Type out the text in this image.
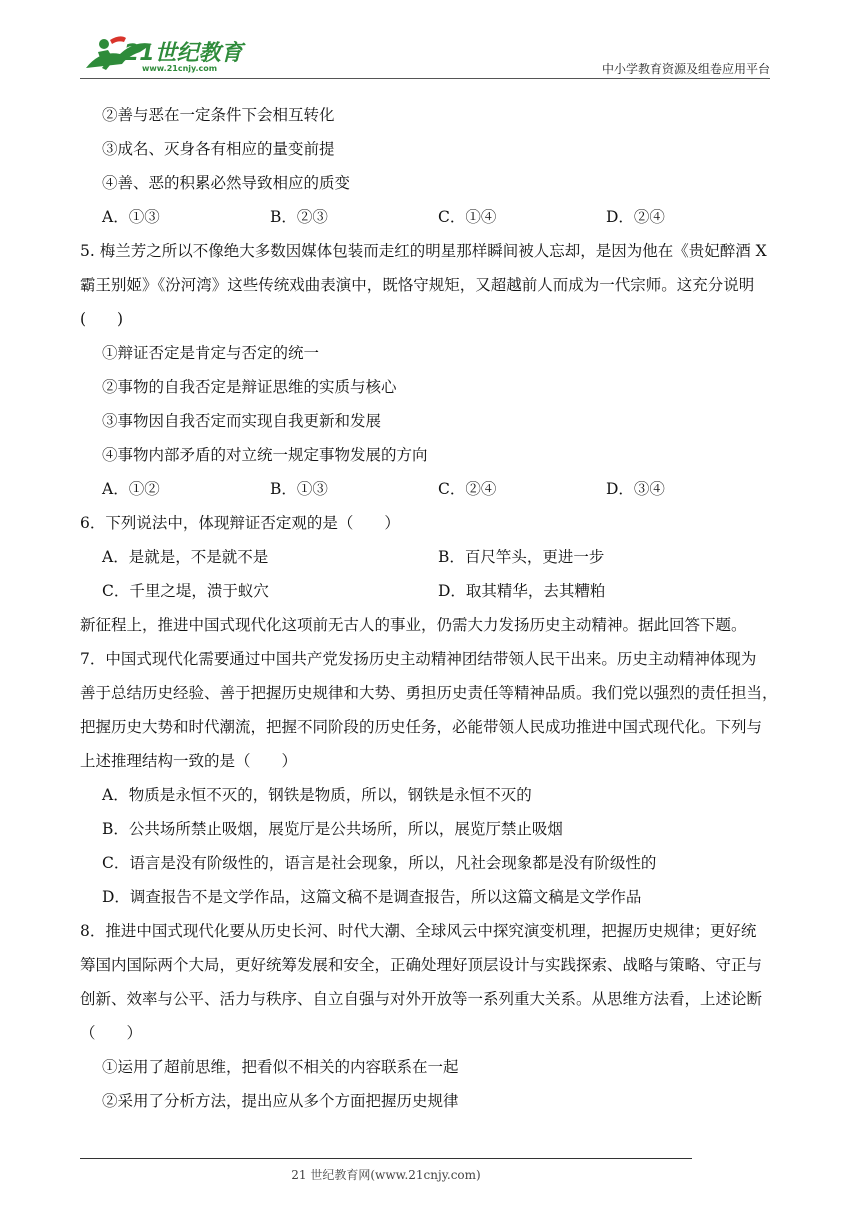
21世纪教育
www.21cnjy.com	中小学教育资源及组卷应用平台
②善与恶在一定条件下会相互转化
③成名、灭身各有相应的量变前提
④善、恶的积累必然导致相应的质变
A．①③	B．②③	C．①④	D．②④
5. 梅兰芳之所以不像绝大多数因媒体包装而走红的明星那样瞬间被人忘却，是因为他在《贵妃醉酒 X
霸王别姬》《汾河湾》这些传统戏曲表演中，既恪守规矩，又超越前人而成为一代宗师。这充分说明
(　　)
①辩证否定是肯定与否定的统一
②事物的自我否定是辩证思维的实质与核心
③事物因自我否定而实现自我更新和发展
④事物内部矛盾的对立统一规定事物发展的方向
A．①②	B．①③	C．②④	D．③④
6．下列说法中，体现辩证否定观的是（　　）
A．是就是，不是就不是	B．百尺竿头，更进一步
C．千里之堤，溃于蚁穴	D．取其精华，去其糟粕
新征程上，推进中国式现代化这项前无古人的事业，仍需大力发扬历史主动精神。据此回答下题。
7．中国式现代化需要通过中国共产党发扬历史主动精神团结带领人民干出来。历史主动精神体现为
善于总结历史经验、善于把握历史规律和大势、勇担历史责任等精神品质。我们党以强烈的责任担当，
把握历史大势和时代潮流，把握不同阶段的历史任务，必能带领人民成功推进中国式现代化。下列与
上述推理结构一致的是（　　）
A．物质是永恒不灭的，钢铁是物质，所以，钢铁是永恒不灭的
B．公共场所禁止吸烟，展览厅是公共场所，所以，展览厅禁止吸烟
C．语言是没有阶级性的，语言是社会现象，所以，凡社会现象都是没有阶级性的
D．调查报告不是文学作品，这篇文稿不是调查报告，所以这篇文稿是文学作品
8．推进中国式现代化要从历史长河、时代大潮、全球风云中探究演变机理，把握历史规律；更好统
筹国内国际两个大局，更好统筹发展和安全，正确处理好顶层设计与实践探索、战略与策略、守正与
创新、效率与公平、活力与秩序、自立自强与对外开放等一系列重大关系。从思维方法看，上述论断
（　　）
①运用了超前思维，把看似不相关的内容联系在一起
②采用了分析方法，提出应从多个方面把握历史规律
21 世纪教育网(www.21cnjy.com)
